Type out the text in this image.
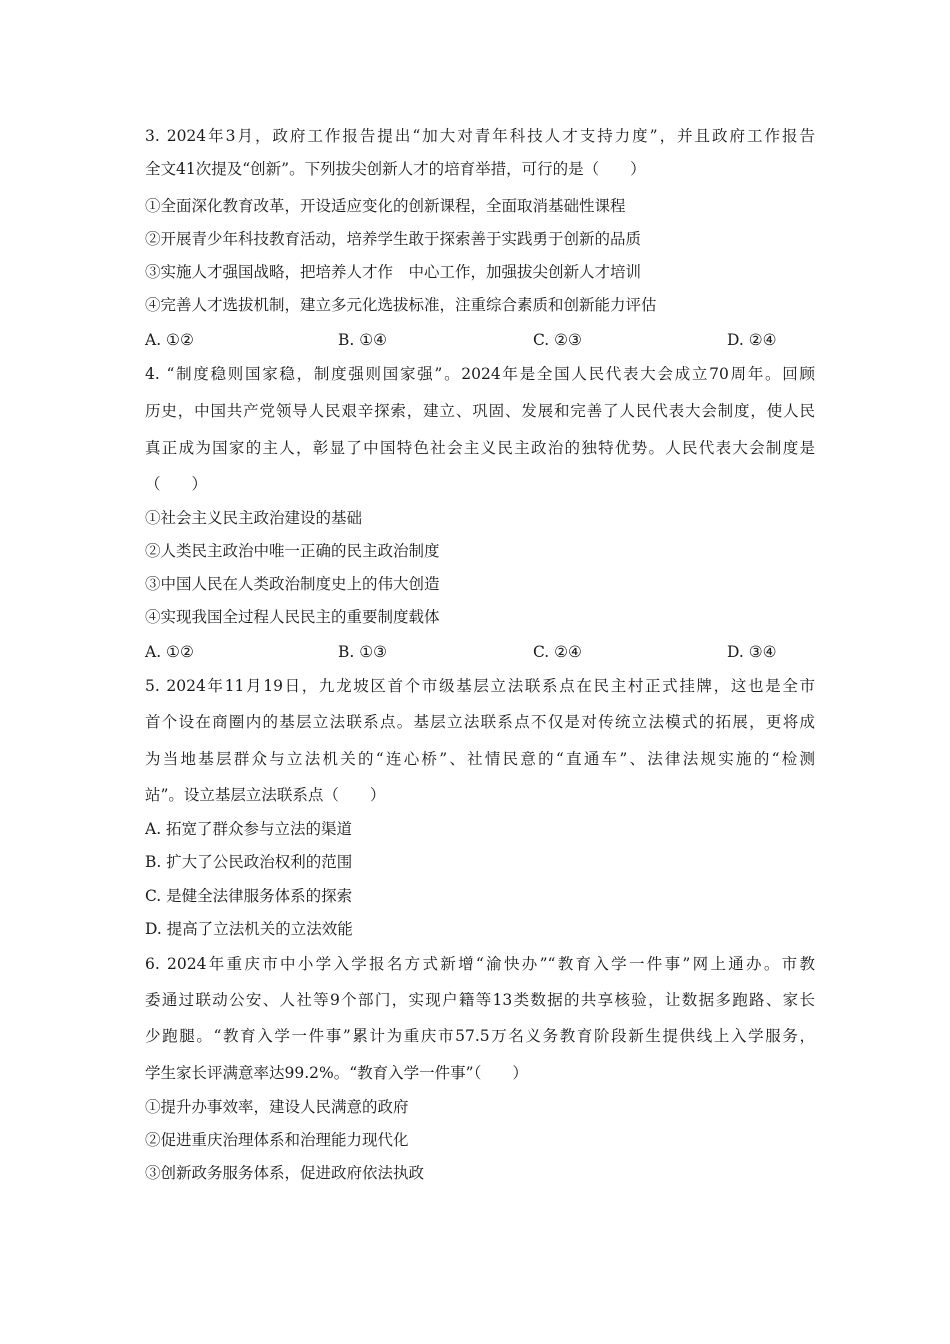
3. 2024年3月，政府工作报告提出“加大对青年科技人才支持力度”，并且政府工作报告
全文41次提及“创新”。下列拔尖创新人才的培育举措，可行的是（　　）
①全面深化教育改革，开设适应变化的创新课程，全面取消基础性课程
②开展青少年科技教育活动，培养学生敢于探索善于实践勇于创新的品质
③实施人才强国战略，把培养人才作　中心工作，加强拔尖创新人才培训
④完善人才选拔机制，建立多元化选拔标准，注重综合素质和创新能力评估
A. ①②	B. ①④	C. ②③	D. ②④
4. “制度稳则国家稳，制度强则国家强”。2024年是全国人民代表大会成立70周年。回顾
历史，中国共产党领导人民艰辛探索，建立、巩固、发展和完善了人民代表大会制度，使人民
真正成为国家的主人，彰显了中国特色社会主义民主政治的独特优势。人民代表大会制度是
（　　）
①社会主义民主政治建设的基础
②人类民主政治中唯一正确的民主政治制度
③中国人民在人类政治制度史上的伟大创造
④实现我国全过程人民民主的重要制度载体
A. ①②	B. ①③	C. ②④	D. ③④
5. 2024年11月19日，九龙坡区首个市级基层立法联系点在民主村正式挂牌，这也是全市
首个设在商圈内的基层立法联系点。基层立法联系点不仅是对传统立法模式的拓展，更将成
为当地基层群众与立法机关的“连心桥”、社情民意的“直通车”、法律法规实施的“检测
站”。设立基层立法联系点（　　）
A. 拓宽了群众参与立法的渠道
B. 扩大了公民政治权利的范围
C. 是健全法律服务体系的探索
D. 提高了立法机关的立法效能
6. 2024年重庆市中小学入学报名方式新增“渝快办”“教育入学一件事”网上通办。市教
委通过联动公安、人社等9个部门，实现户籍等13类数据的共享核验，让数据多跑路、家长
少跑腿。“教育入学一件事”累计为重庆市57.5万名义务教育阶段新生提供线上入学服务，
学生家长评满意率达99.2%。“教育入学一件事”（　　）
①提升办事效率，建设人民满意的政府
②促进重庆治理体系和治理能力现代化
③创新政务服务体系，促进政府依法执政
